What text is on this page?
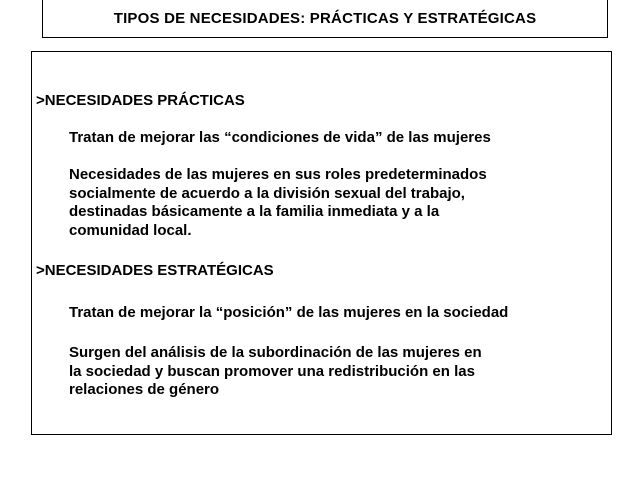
TIPOS DE NECESIDADES: PRÁCTICAS Y ESTRATÉGICAS
> NECESIDADES PRÁCTICAS
Tratan de mejorar las “condiciones de vida” de las mujeres
Necesidades de las mujeres en sus roles predeterminados
socialmente de acuerdo a la división sexual del trabajo,
destinadas básicamente a la familia inmediata y a la
comunidad local.
> NECESIDADES ESTRATÉGICAS
Tratan de mejorar la “posición” de las mujeres en la sociedad
Surgen del análisis de la subordinación de las mujeres en
la sociedad y buscan promover una redistribución en las
relaciones de género
